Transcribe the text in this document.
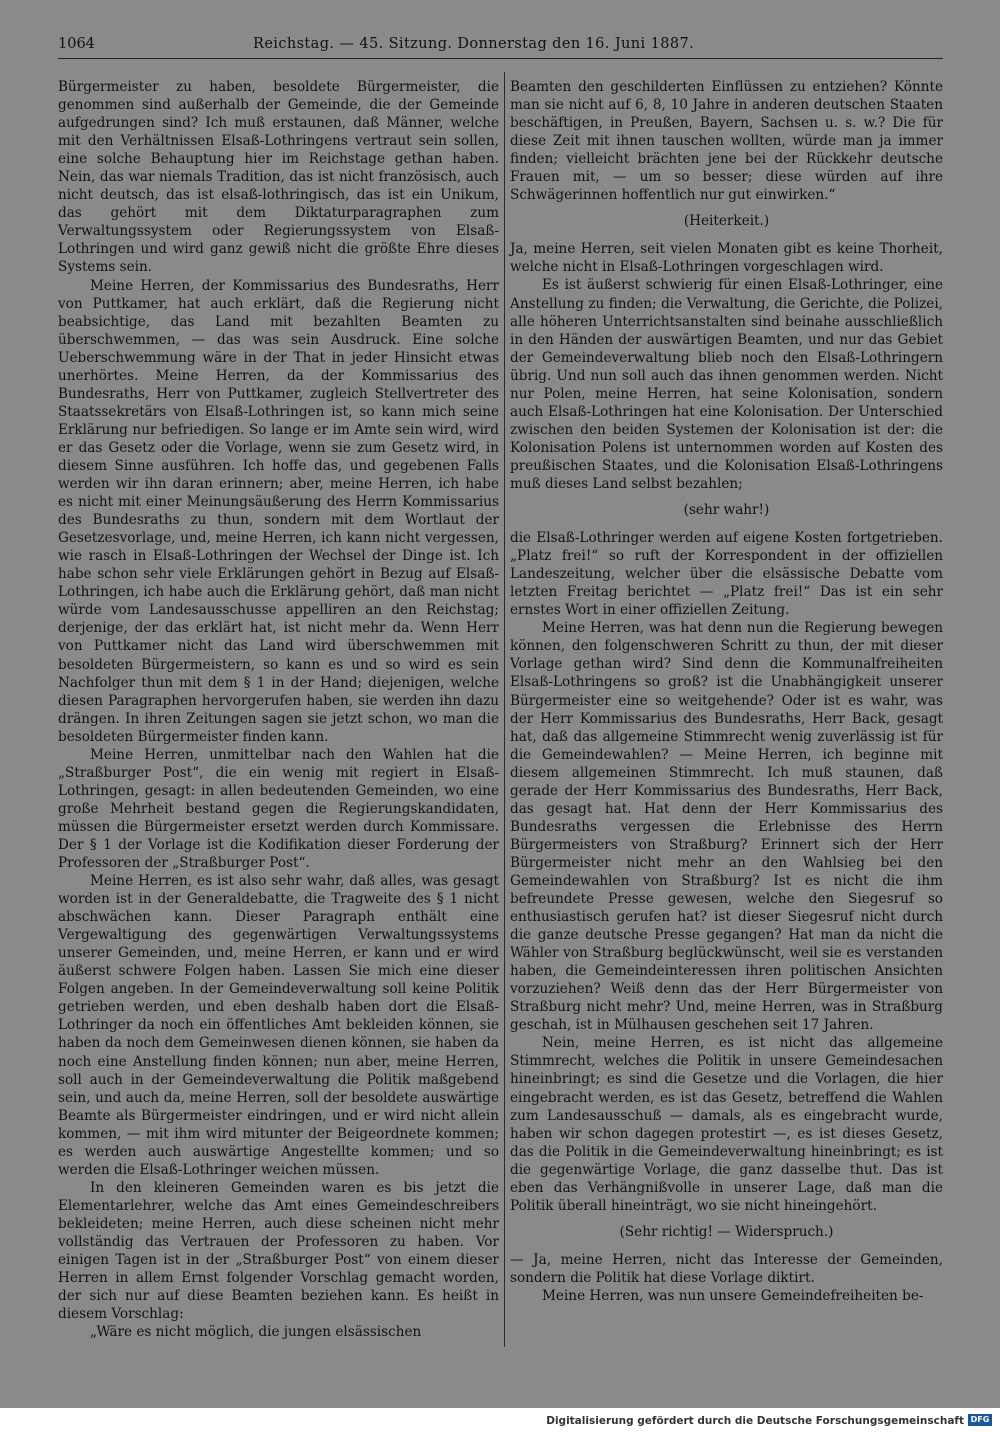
1064	Reichstag. — 45. Sitzung. Donnerstag den 16. Juni 1887.

Bürgermeister zu haben, besoldete Bürgermeister, die genommen sind außerhalb der Gemeinde, die der Gemeinde aufgedrungen sind? Ich muß erstaunen, daß Männer, welche mit den Verhältnissen Elsaß-Lothringens vertraut sein sollen, eine solche Behauptung hier im Reichstage gethan haben. Nein, das war niemals Tradition, das ist nicht französisch, auch nicht deutsch, das ist elsaß-lothringisch, das ist ein Unikum, das gehört mit dem Diktaturparagraphen zum Verwaltungssystem oder Regierungssystem von Elsaß-Lothringen und wird ganz gewiß nicht die größte Ehre dieses Systems sein.

Meine Herren, der Kommissarius des Bundesraths, Herr von Puttkamer, hat auch erklärt, daß die Regierung nicht beabsichtige, das Land mit bezahlten Beamten zu überschwemmen, — das was sein Ausdruck. Eine solche Ueberschwemmung wäre in der That in jeder Hinsicht etwas unerhörtes. Meine Herren, da der Kommissarius des Bundesraths, Herr von Puttkamer, zugleich Stellvertreter des Staatssekretärs von Elsaß-Lothringen ist, so kann mich seine Erklärung nur befriedigen. So lange er im Amte sein wird, wird er das Gesetz oder die Vorlage, wenn sie zum Gesetz wird, in diesem Sinne ausführen. Ich hoffe das, und gegebenen Falls werden wir ihn daran erinnern; aber, meine Herren, ich habe es nicht mit einer Meinungsäußerung des Herrn Kommissarius des Bundesraths zu thun, sondern mit dem Wortlaut der Gesetzesvorlage, und, meine Herren, ich kann nicht vergessen, wie rasch in Elsaß-Lothringen der Wechsel der Dinge ist. Ich habe schon sehr viele Erklärungen gehört in Bezug auf Elsaß-Lothringen, ich habe auch die Erklärung gehört, daß man nicht würde vom Landesausschusse appelliren an den Reichstag; derjenige, der das erklärt hat, ist nicht mehr da. Wenn Herr von Puttkamer nicht das Land wird überschwemmen mit besoldeten Bürgermeistern, so kann es und so wird es sein Nachfolger thun mit dem § 1 in der Hand; diejenigen, welche diesen Paragraphen hervorgerufen haben, sie werden ihn dazu drängen. In ihren Zeitungen sagen sie jetzt schon, wo man die besoldeten Bürgermeister finden kann.

Meine Herren, unmittelbar nach den Wahlen hat die „Straßburger Post“, die ein wenig mit regiert in Elsaß-Lothringen, gesagt: in allen bedeutenden Gemeinden, wo eine große Mehrheit bestand gegen die Regierungskandidaten, müssen die Bürgermeister ersetzt werden durch Kommissare. Der § 1 der Vorlage ist die Kodifikation dieser Forderung der Professoren der „Straßburger Post“.

Meine Herren, es ist also sehr wahr, daß alles, was gesagt worden ist in der Generaldebatte, die Tragweite des § 1 nicht abschwächen kann. Dieser Paragraph enthält eine Vergewaltigung des gegenwärtigen Verwaltungssystems unserer Gemeinden, und, meine Herren, er kann und er wird äußerst schwere Folgen haben. Lassen Sie mich eine dieser Folgen angeben. In der Gemeindeverwaltung soll keine Politik getrieben werden, und eben deshalb haben dort die Elsaß-Lothringer da noch ein öffentliches Amt bekleiden können, sie haben da noch dem Gemeinwesen dienen können, sie haben da noch eine Anstellung finden können; nun aber, meine Herren, soll auch in der Gemeindeverwaltung die Politik maßgebend sein, und auch da, meine Herren, soll der besoldete auswärtige Beamte als Bürgermeister eindringen, und er wird nicht allein kommen, — mit ihm wird mitunter der Beigeordnete kommen; es werden auch auswärtige Angestellte kommen; und so werden die Elsaß-Lothringer weichen müssen.

In den kleineren Gemeinden waren es bis jetzt die Elementarlehrer, welche das Amt eines Gemeindeschreibers bekleideten; meine Herren, auch diese scheinen nicht mehr vollständig das Vertrauen der Professoren zu haben. Vor einigen Tagen ist in der „Straßburger Post“ von einem dieser Herren in allem Ernst folgender Vorschlag gemacht worden, der sich nur auf diese Beamten beziehen kann. Es heißt in diesem Vorschlag:

„Wäre es nicht möglich, die jungen elsässischen

Beamten den geschilderten Einflüssen zu entziehen? Könnte man sie nicht auf 6, 8, 10 Jahre in anderen deutschen Staaten beschäftigen, in Preußen, Bayern, Sachsen u. s. w.? Die für diese Zeit mit ihnen tauschen wollten, würde man ja immer finden; vielleicht brächten jene bei der Rückkehr deutsche Frauen mit, — um so besser; diese würden auf ihre Schwägerinnen hoffentlich nur gut einwirken.“

(Heiterkeit.)

Ja, meine Herren, seit vielen Monaten gibt es keine Thorheit, welche nicht in Elsaß-Lothringen vorgeschlagen wird.

Es ist äußerst schwierig für einen Elsaß-Lothringer, eine Anstellung zu finden; die Verwaltung, die Gerichte, die Polizei, alle höheren Unterrichtsanstalten sind beinahe ausschließlich in den Händen der auswärtigen Beamten, und nur das Gebiet der Gemeindeverwaltung blieb noch den Elsaß-Lothringern übrig. Und nun soll auch das ihnen genommen werden. Nicht nur Polen, meine Herren, hat seine Kolonisation, sondern auch Elsaß-Lothringen hat eine Kolonisation. Der Unterschied zwischen den beiden Systemen der Kolonisation ist der: die Kolonisation Polens ist unternommen worden auf Kosten des preußischen Staates, und die Kolonisation Elsaß-Lothringens muß dieses Land selbst bezahlen;

(sehr wahr!)

die Elsaß-Lothringer werden auf eigene Kosten fortgetrieben. „Platz frei!“ so ruft der Korrespondent in der offiziellen Landeszeitung, welcher über die elsässische Debatte vom letzten Freitag berichtet — „Platz frei!“ Das ist ein sehr ernstes Wort in einer offiziellen Zeitung.

Meine Herren, was hat denn nun die Regierung bewegen können, den folgenschweren Schritt zu thun, der mit dieser Vorlage gethan wird? Sind denn die Kommunalfreiheiten Elsaß-Lothringens so groß? ist die Unabhängigkeit unserer Bürgermeister eine so weitgehende? Oder ist es wahr, was der Herr Kommissarius des Bundesraths, Herr Back, gesagt hat, daß das allgemeine Stimmrecht wenig zuverlässig ist für die Gemeindewahlen? — Meine Herren, ich beginne mit diesem allgemeinen Stimmrecht. Ich muß staunen, daß gerade der Herr Kommissarius des Bundesraths, Herr Back, das gesagt hat. Hat denn der Herr Kommissarius des Bundesraths vergessen die Erlebnisse des Herrn Bürgermeisters von Straßburg? Erinnert sich der Herr Bürgermeister nicht mehr an den Wahlsieg bei den Gemeindewahlen von Straßburg? Ist es nicht die ihm befreundete Presse gewesen, welche den Siegesruf so enthusiastisch gerufen hat? ist dieser Siegesruf nicht durch die ganze deutsche Presse gegangen? Hat man da nicht die Wähler von Straßburg beglückwünscht, weil sie es verstanden haben, die Gemeindeinteressen ihren politischen Ansichten vorzuziehen? Weiß denn das der Herr Bürgermeister von Straßburg nicht mehr? Und, meine Herren, was in Straßburg geschah, ist in Mülhausen geschehen seit 17 Jahren.

Nein, meine Herren, es ist nicht das allgemeine Stimmrecht, welches die Politik in unsere Gemeindesachen hineinbringt; es sind die Gesetze und die Vorlagen, die hier eingebracht werden, es ist das Gesetz, betreffend die Wahlen zum Landesausschuß — damals, als es eingebracht wurde, haben wir schon dagegen protestirt —, es ist dieses Gesetz, das die Politik in die Gemeindeverwaltung hineinbringt; es ist die gegenwärtige Vorlage, die ganz dasselbe thut. Das ist eben das Verhängnißvolle in unserer Lage, daß man die Politik überall hineinträgt, wo sie nicht hineingehört.

(Sehr richtig! — Widerspruch.)

— Ja, meine Herren, nicht das Interesse der Gemeinden, sondern die Politik hat diese Vorlage diktirt.

Meine Herren, was nun unsere Gemeindefreiheiten be-

Digitalisierung gefördert durch die Deutsche Forschungsgemeinschaft DFG
